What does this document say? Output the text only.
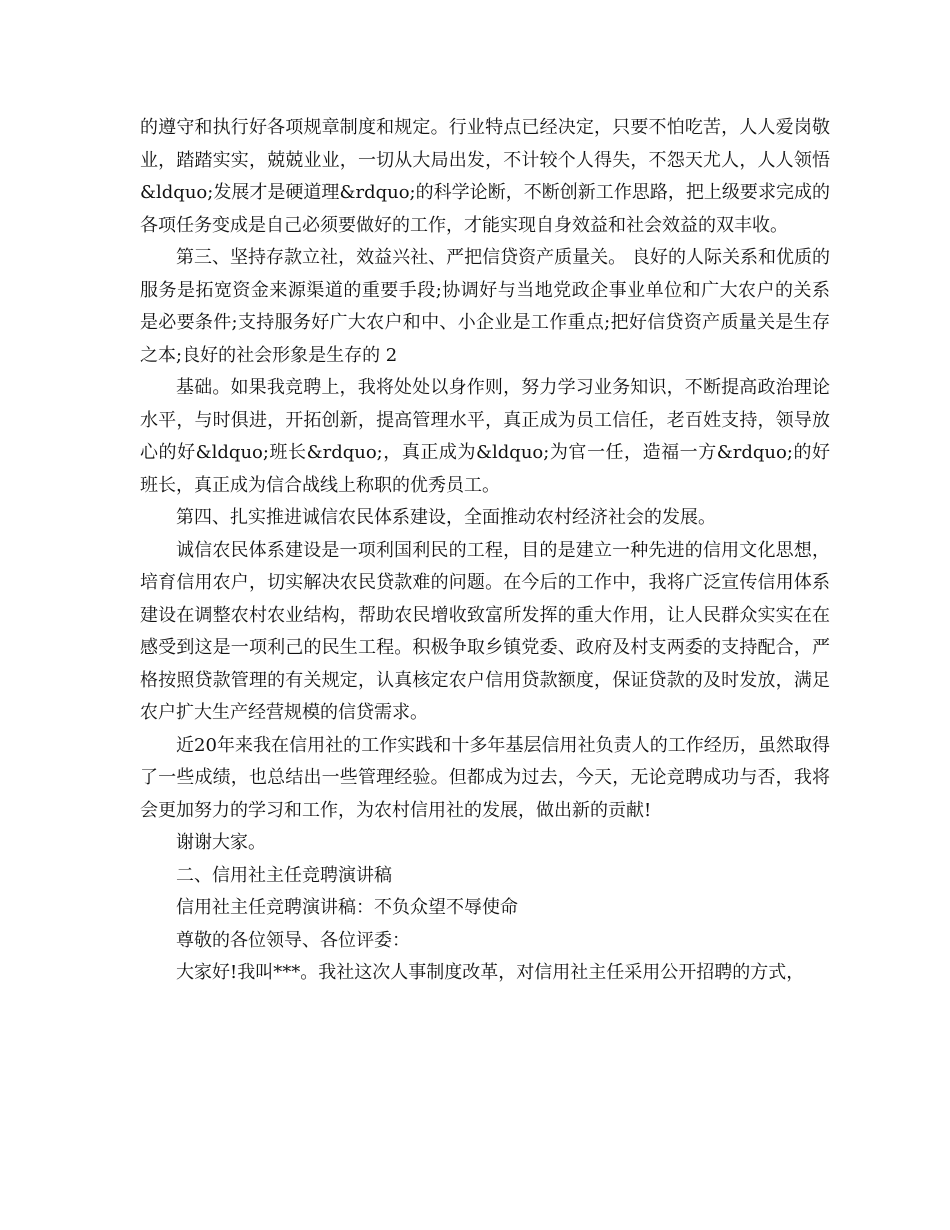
的遵守和执行好各项规章制度和规定。行业特点已经决定，只要不怕吃苦，人人爱岗敬业，踏踏实实，兢兢业业，一切从大局出发，不计较个人得失，不怨天尤人，人人领悟&ldquo;发展才是硬道理&rdquo;的科学论断，不断创新工作思路，把上级要求完成的各项任务变成是自己必须要做好的工作，才能实现自身效益和社会效益的双丰收。

第三、坚持存款立社，效益兴社、严把信贷资产质量关。 良好的人际关系和优质的服务是拓宽资金来源渠道的重要手段;协调好与当地党政企事业单位和广大农户的关系是必要条件;支持服务好广大农户和中、小企业是工作重点;把好信贷资产质量关是生存之本;良好的社会形象是生存的 2

基础。如果我竞聘上，我将处处以身作则，努力学习业务知识，不断提高政治理论水平，与时俱进，开拓创新，提高管理水平，真正成为员工信任，老百姓支持，领导放心的好&ldquo;班长&rdquo;，真正成为&ldquo;为官一任，造福一方&rdquo;的好班长，真正成为信合战线上称职的优秀员工。

第四、扎实推进诚信农民体系建设，全面推动农村经济社会的发展。

诚信农民体系建设是一项利国利民的工程，目的是建立一种先进的信用文化思想，培育信用农户，切实解决农民贷款难的问题。在今后的工作中，我将广泛宣传信用体系建设在调整农村农业结构，帮助农民增收致富所发挥的重大作用，让人民群众实实在在感受到这是一项利己的民生工程。积极争取乡镇党委、政府及村支两委的支持配合，严格按照贷款管理的有关规定，认真核定农户信用贷款额度，保证贷款的及时发放，满足农户扩大生产经营规模的信贷需求。

近20年来我在信用社的工作实践和十多年基层信用社负责人的工作经历，虽然取得了一些成绩，也总结出一些管理经验。但都成为过去，今天，无论竞聘成功与否，我将会更加努力的学习和工作，为农村信用社的发展，做出新的贡献!

谢谢大家。

二、信用社主任竞聘演讲稿

信用社主任竞聘演讲稿：不负众望不辱使命

尊敬的各位领导、各位评委：

大家好!我叫***。我社这次人事制度改革，对信用社主任采用公开招聘的方式，
